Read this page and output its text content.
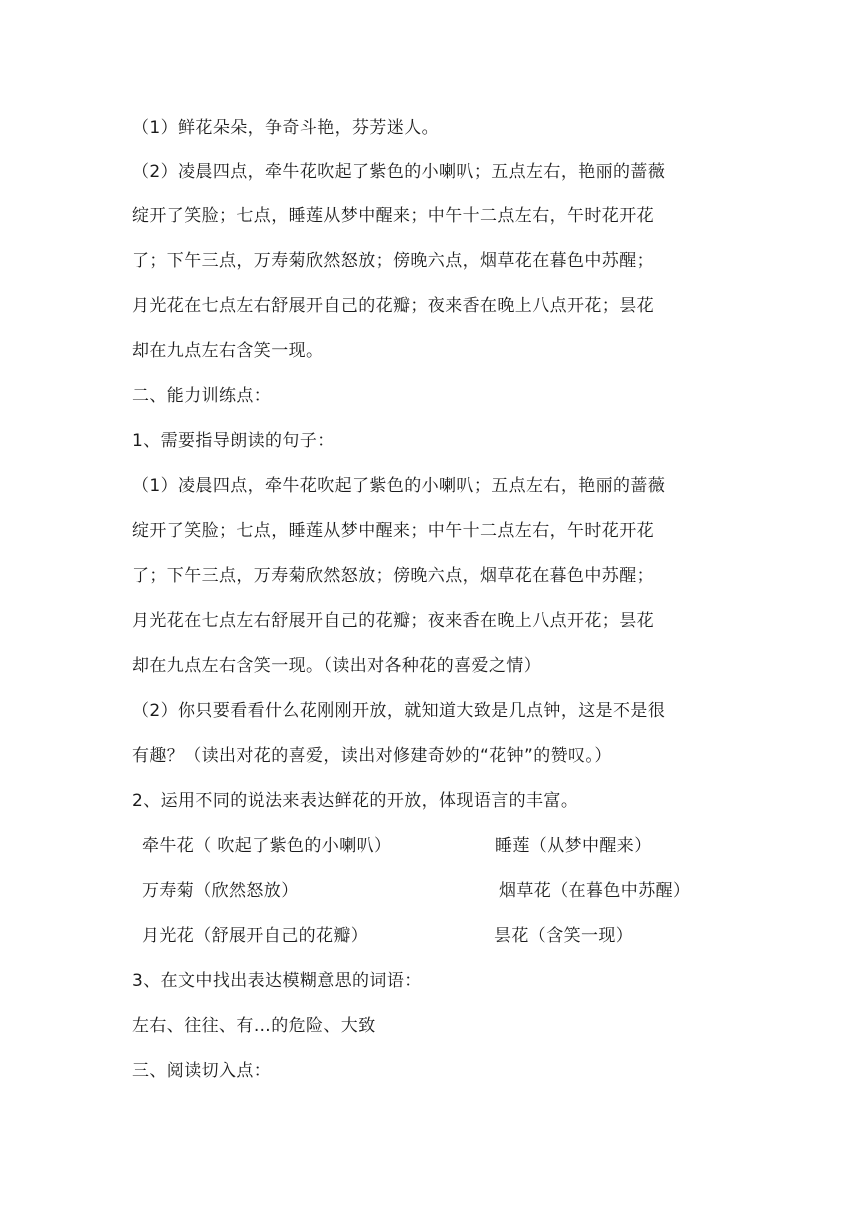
（1）鲜花朵朵，争奇斗艳，芬芳迷人。
（2）凌晨四点，牵牛花吹起了紫色的小喇叭；五点左右，艳丽的蔷薇
绽开了笑脸；七点，睡莲从梦中醒来；中午十二点左右，午时花开花
了；下午三点，万寿菊欣然怒放；傍晚六点，烟草花在暮色中苏醒；
月光花在七点左右舒展开自己的花瓣；夜来香在晚上八点开花；昙花
却在九点左右含笑一现。
二、能力训练点：
1、需要指导朗读的句子：
（1）凌晨四点，牵牛花吹起了紫色的小喇叭；五点左右，艳丽的蔷薇
绽开了笑脸；七点，睡莲从梦中醒来；中午十二点左右，午时花开花
了；下午三点，万寿菊欣然怒放；傍晚六点，烟草花在暮色中苏醒；
月光花在七点左右舒展开自己的花瓣；夜来香在晚上八点开花；昙花
却在九点左右含笑一现。（读出对各种花的喜爱之情）
（2）你只要看看什么花刚刚开放，就知道大致是几点钟，这是不是很
有趣？（读出对花的喜爱，读出对修建奇妙的“花钟”的赞叹。）
2、运用不同的说法来表达鲜花的开放，体现语言的丰富。
牵牛花（ 吹起了紫色的小喇叭）	睡莲（从梦中醒来）
万寿菊（欣然怒放）	烟草花（在暮色中苏醒）
月光花（舒展开自己的花瓣）	昙花（含笑一现）
3、在文中找出表达模糊意思的词语：
左右、往往、有…的危险、大致
三、阅读切入点：
